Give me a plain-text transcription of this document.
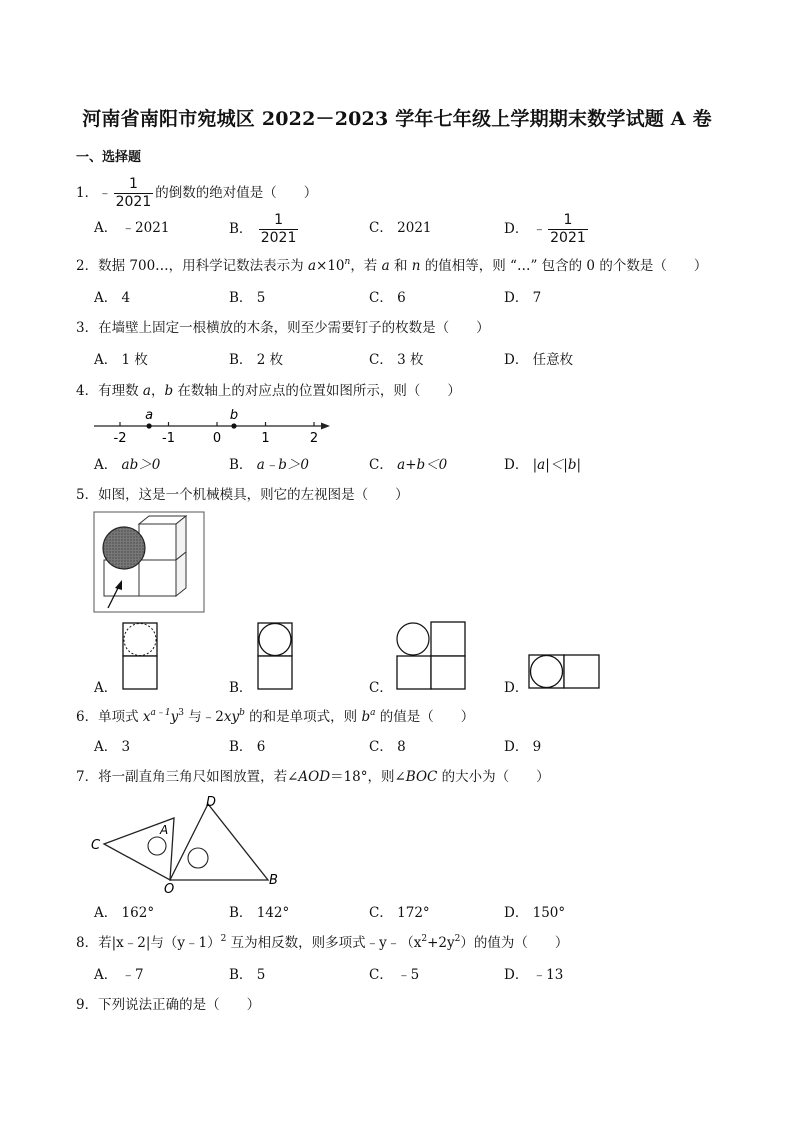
河南省南阳市宛城区 2022－2023 学年七年级上学期期末数学试题 A 卷
一、选择题
1．﹣ $\frac{1}{2021}$ 的倒数的绝对值是（　　）
A． ﹣2021	B． $\frac{1}{2021}$	C． 2021	D． ﹣ $\frac{1}{2021}$
2．数据 700…，用科学记数法表示为 $a\times 10^n$，若 a 和 n 的值相等，则 “…” 包含的 0 的个数是（　　）
A． 4	B． 5	C． 6	D． 7
3．在墙壁上固定一根横放的木条，则至少需要钉子的枚数是（　　）
A． 1 枚	B． 2 枚	C． 3 枚	D． 任意枚
4．有理数 a，b 在数轴上的对应点的位置如图所示，则（　　）
-2	-1	0	1	2
a	b
A． ab＞0	B． a﹣b＞0	C． a+b＜0	D． |a|＜|b|
5．如图，这是一个机械模具，则它的左视图是（　　）
A．	B．	C．	D．
6．单项式 $x^{a﹣1}y^3$ 与$﹣2xy^b$ 的和是单项式，则 $b^a$ 的值是（　　）
A． 3	B． 6	C． 8	D． 9
7．将一副直角三角尺如图放置，若∠AOD＝18°，则∠BOC 的大小为（　　）
D
A
C
O
B
A． 162°	B． 142°	C． 172°	D． 150°
8．若|x﹣2|与（y﹣1）$^2$ 互为相反数，则多项式$﹣y﹣(x^2+2y^2)$的值为（　　）
A． ﹣7	B． 5	C． ﹣5	D． ﹣13
9．下列说法正确的是（　　）
